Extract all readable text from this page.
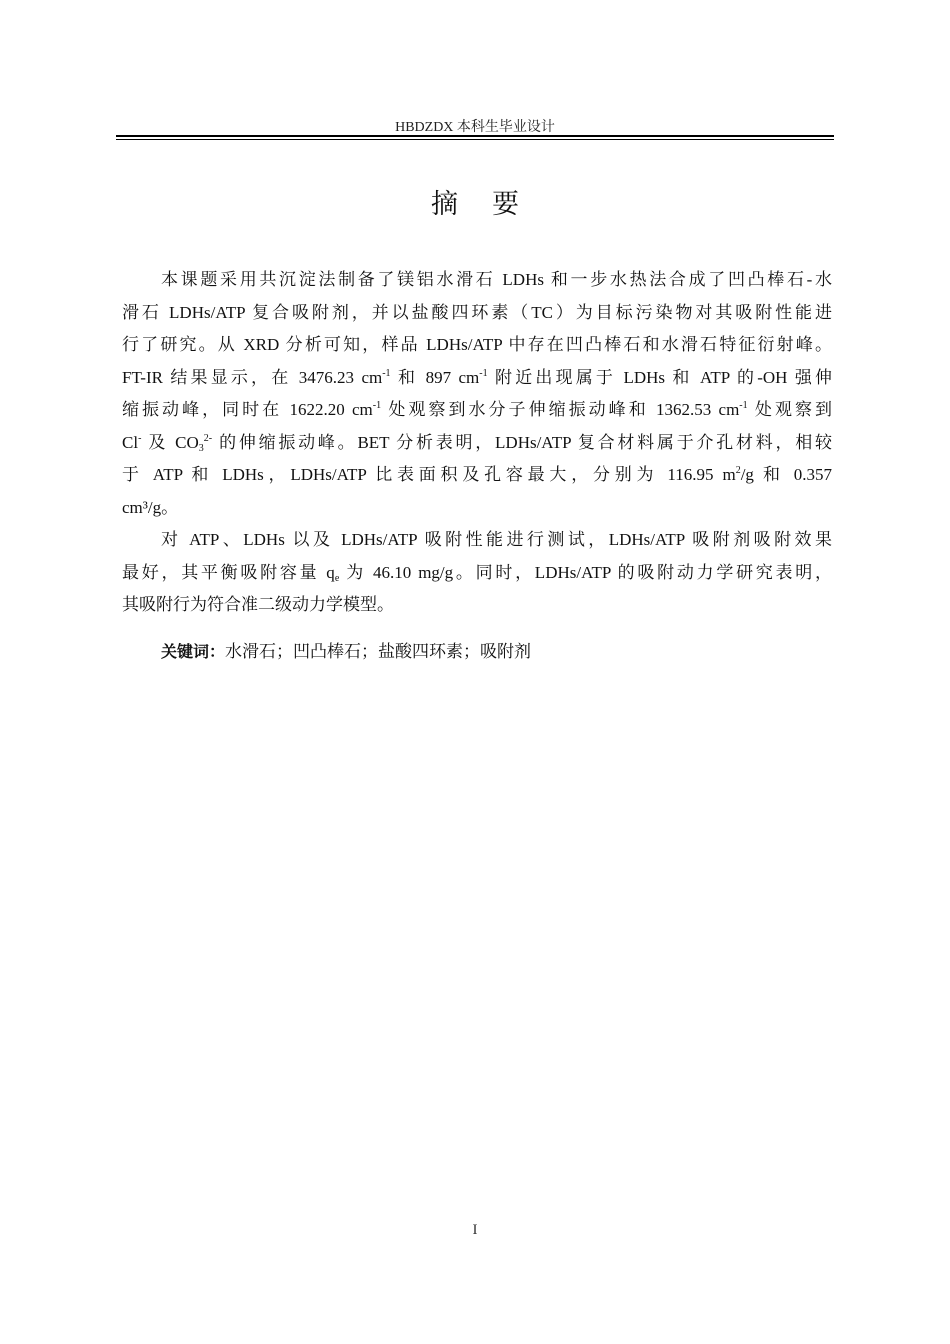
HBDZDX 本科生毕业设计
摘 要
本课题采用共沉淀法制备了镁铝水滑石 LDHs 和一步水热法合成了凹凸棒石-水
滑石 LDHs/ATP 复合吸附剂，并以盐酸四环素（TC）为目标污染物对其吸附性能进
行了研究。从 XRD 分析可知，样品 LDHs/ATP 中存在凹凸棒石和水滑石特征衍射峰。
FT-IR 结果显示，在 3476.23 $cm^{-1}$ 和 897 $cm^{-1}$ 附近出现属于 LDHs 和 ATP 的-OH 强伸
缩振动峰，同时在 1622.20 $cm^{-1}$ 处观察到水分子伸缩振动峰和 1362.53 $cm^{-1}$ 处观察到
Cl- 及 $CO_3^{2-}$ 的伸缩振动峰。BET 分析表明，LDHs/ATP 复合材料属于介孔材料，相较
于 ATP 和 LDHs，LDHs/ATP 比表面积及孔容最大，分别为 116.95 $m^2/g$ 和 0.357
cm³/g。
对 ATP、LDHs 以及 LDHs/ATP 吸附性能进行测试，LDHs/ATP 吸附剂吸附效果
最好，其平衡吸附容量 $q_e$ 为 46.10 mg/g。同时，LDHs/ATP 的吸附动力学研究表明，
其吸附行为符合准二级动力学模型。
关键词：水滑石；凹凸棒石；盐酸四环素；吸附剂
I
